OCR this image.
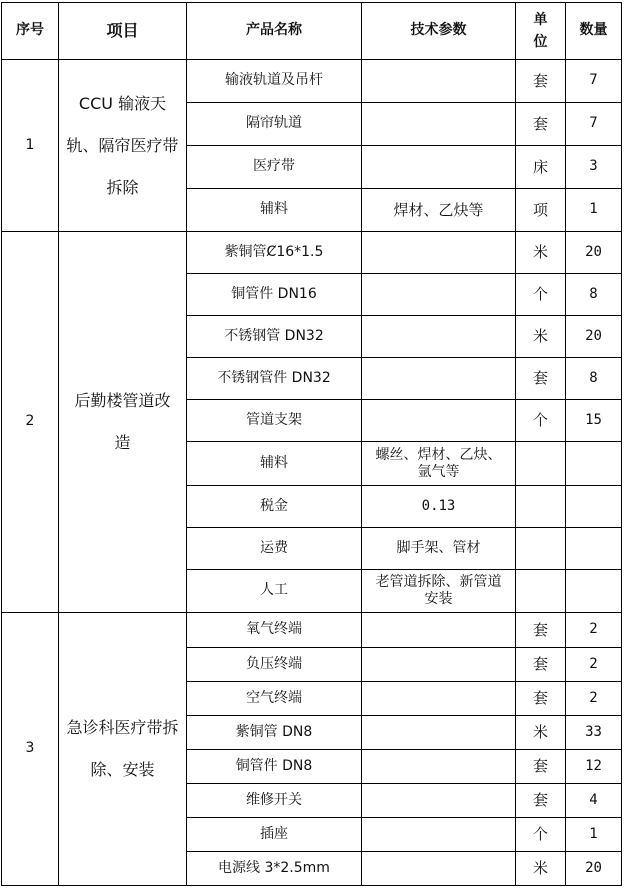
序号	项目	产品名称	技术参数	单位	数量
1	CCU 输液天轨、隔帘医疗带拆除	输液轨道及吊杆		套	7
		隔帘轨道		套	7
		医疗带		床	3
		辅料	焊材、乙炔等	项	1
2	后勤楼管道改造	紫铜管Ȼ16*1.5		米	20
		铜管件 DN16		个	8
		不锈钢管 DN32		米	20
		不锈钢管件 DN32		套	8
		管道支架		个	15
		辅料	螺丝、焊材、乙炔、氩气等		
		税金	0.13		
		运费	脚手架、管材		
		人工	老管道拆除、新管道安装		
3	急诊科医疗带拆除、安装	氧气终端		套	2
		负压终端		套	2
		空气终端		套	2
		紫铜管 DN8		米	33
		铜管件 DN8		套	12
		维修开关		套	4
		插座		个	1
		电源线 3*2.5mm		米	20
